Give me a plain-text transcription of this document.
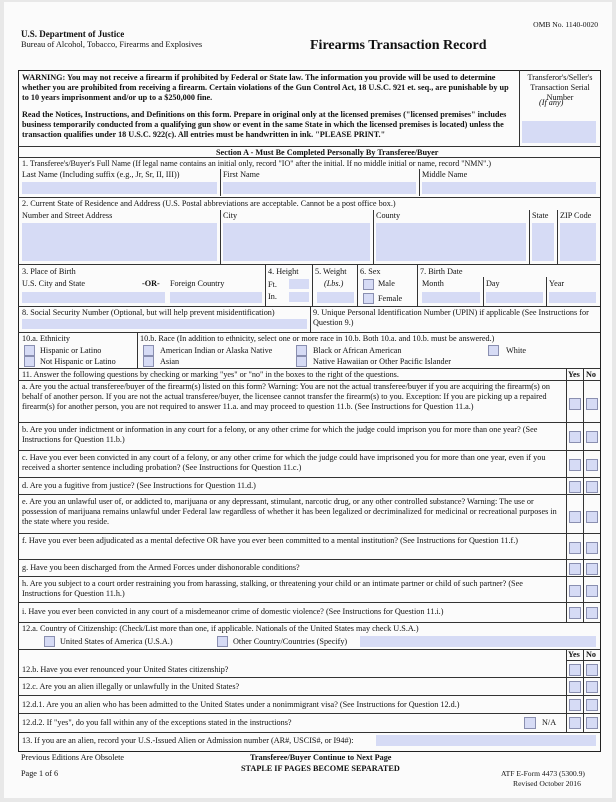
OMB No. 1140-0020
U.S. Department of Justice
Bureau of Alcohol, Tobacco, Firearms and Explosives	Firearms Transaction Record
WARNING: You may not receive a firearm if prohibited by Federal or State law. The information you provide will be used to determine whether you are prohibited from receiving a firearm. Certain violations of the Gun Control Act, 18 U.S.C. 921 et. seq., are punishable by up to 10 years imprisonment and/or up to a $250,000 fine.
Read the Notices, Instructions, and Definitions on this form. Prepare in original only at the licensed premises ("licensed premises" includes business temporarily conducted from a qualifying gun show or event in the same State in which the licensed premises is located) unless the transaction qualifies under 18 U.S.C. 922(c). All entries must be handwritten in ink. "PLEASE PRINT."
Transferor's/Seller's Transaction Serial Number
(If any)
Section A - Must Be Completed Personally By Transferee/Buyer
1. Transferee's/Buyer's Full Name (If legal name contains an initial only, record "IO" after the initial. If no middle initial or name, record "NMN".)
Last Name (Including suffix (e.g., Jr, Sr, II, III))	First Name	Middle Name
2. Current State of Residence and Address (U.S. Postal abbreviations are acceptable. Cannot be a post office box.)
Number and Street Address	City	County	State ZIP Code
3. Place of Birth
U.S. City and State	-OR- Foreign Country
4. Height
Ft.
In.
5. Weight
(Lbs.)
6. Sex
Male
Female
7. Birth Date
Month	Day	Year
8. Social Security Number (Optional, but will help prevent misidentification)	9. Unique Personal Identification Number (UPIN) if applicable (See Instructions for Question 9.)
10.a. Ethnicity
Hispanic or Latino
Not Hispanic or Latino
10.b. Race (In addition to ethnicity, select one or more race in 10.b. Both 10.a. and 10.b. must be answered.)
American Indian or Alaska Native	Black or African American	White
Asian	Native Hawaiian or Other Pacific Islander
11. Answer the following questions by checking or marking "yes" or "no" in the boxes to the right of the questions.	Yes No
a. Are you the actual transferee/buyer of the firearm(s) listed on this form? Warning: You are not the actual transferee/buyer if you are acquiring the firearm(s) on behalf of another person. If you are not the actual transferee/buyer, the licensee cannot transfer the firearm(s) to you. Exception: If you are picking up a repaired firearm(s) for another person, you are not required to answer 11.a. and may proceed to question 11.b. (See Instructions for Question 11.a.)
b. Are you under indictment or information in any court for a felony, or any other crime for which the judge could imprison you for more than one year? (See Instructions for Question 11.b.)
c. Have you ever been convicted in any court of a felony, or any other crime for which the judge could have imprisoned you for more than one year, even if you received a shorter sentence including probation? (See Instructions for Question 11.c.)
d. Are you a fugitive from justice? (See Instructions for Question 11.d.)
e. Are you an unlawful user of, or addicted to, marijuana or any depressant, stimulant, narcotic drug, or any other controlled substance? Warning: The use or possession of marijuana remains unlawful under Federal law regardless of whether it has been legalized or decriminalized for medicinal or recreational purposes in the state where you reside.
f. Have you ever been adjudicated as a mental defective OR have you ever been committed to a mental institution? (See Instructions for Question 11.f.)
g. Have you been discharged from the Armed Forces under dishonorable conditions?
h. Are you subject to a court order restraining you from harassing, stalking, or threatening your child or an intimate partner or child of such partner? (See Instructions for Question 11.h.)
i. Have you ever been convicted in any court of a misdemeanor crime of domestic violence? (See Instructions for Question 11.i.)
12.a. Country of Citizenship: (Check/List more than one, if applicable. Nationals of the United States may check U.S.A.)
United States of America (U.S.A.)	Other Country/Countries (Specify)
Yes No
12.b. Have you ever renounced your United States citizenship?
12.c. Are you an alien illegally or unlawfully in the United States?
12.d.1. Are you an alien who has been admitted to the United States under a nonimmigrant visa? (See Instructions for Question 12.d.)
12.d.2. If "yes", do you fall within any of the exceptions stated in the instructions?	N/A
13. If you are an alien, record your U.S.-Issued Alien or Admission number (AR#, USCIS#, or I94#):
Previous Editions Are Obsolete
Page 1 of 6
Transferee/Buyer Continue to Next Page
STAPLE IF PAGES BECOME SEPARATED
ATF E-Form 4473 (5300.9)
Revised October 2016
